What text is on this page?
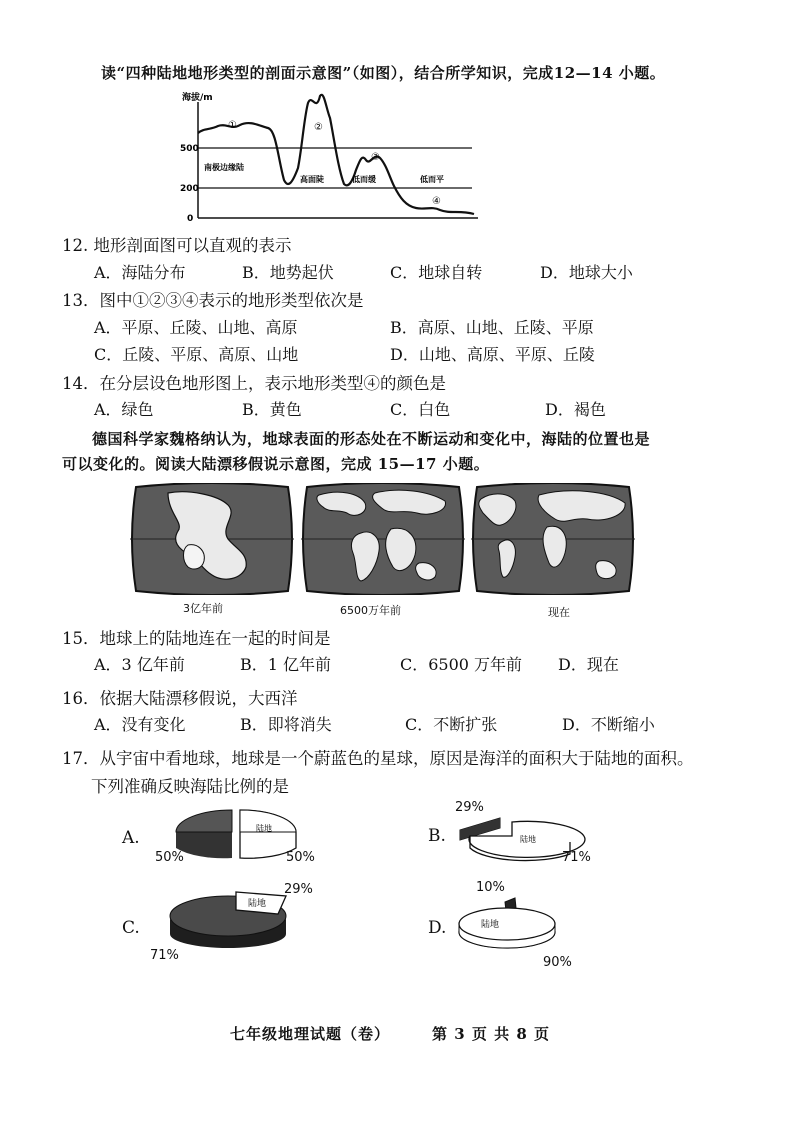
读“四种陆地地形类型的剖面示意图”（如图），结合所学知识，完成12—14 小题。
海拔/m
500
200
0
①	②
③
④
南极边缘陆
高面陡	低而缓	低而平
12. 地形剖面图可以直观的表示
A．海陆分布	B．地势起伏	C．地球自转	D．地球大小
13．图中①②③④表示的地形类型依次是
A．平原、丘陵、山地、高原	B．高原、山地、丘陵、平原
C．丘陵、平原、高原、山地	D．山地、高原、平原、丘陵
14．在分层设色地形图上，表示地形类型④的颜色是
A．绿色	B．黄色	C．白色	D．褐色
德国科学家魏格纳认为，地球表面的形态处在不断运动和变化中，海陆的位置也是
可以变化的。阅读大陆漂移假说示意图，完成 15—17 小题。
3亿年前	6500万年前	现在
15．地球上的陆地连在一起的时间是
A．3 亿年前	B．1 亿年前	C．6500 万年前 D．现在
16．依据大陆漂移假说，大西洋
A．没有变化	B．即将消失	C．不断扩张	D．不断缩小
17．从宇宙中看地球，地球是一个蔚蓝色的星球，原因是海洋的面积大于陆地的面积。
下列准确反映海陆比例的是
A.	陆地
50%	50%
B.	陆地
29%
71%
C.
陆地
29%
71%
D.	陆地
10%
90%
七年级地理试题（卷）	第 3 页 共 8 页
